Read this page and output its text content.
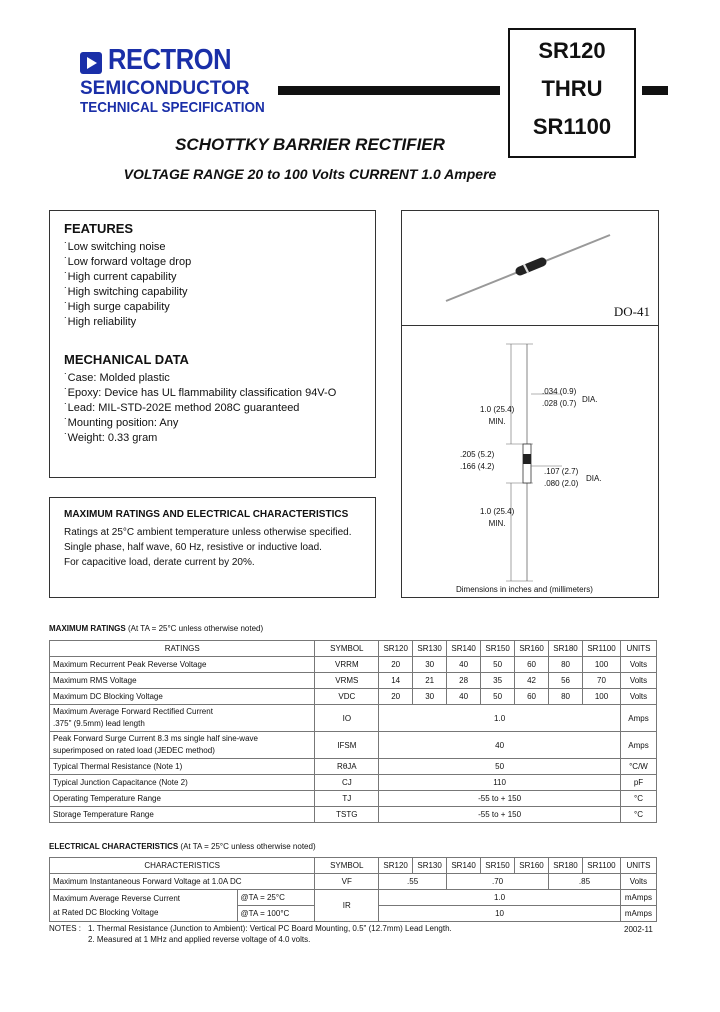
RECTRON
SEMICONDUCTOR
TECHNICAL SPECIFICATION
SR120
THRU
SR1100
SCHOTTKY BARRIER RECTIFIER
VOLTAGE RANGE 20 to 100 Volts CURRENT 1.0 Ampere
FEATURES
˙ Low switching noise
˙ Low forward voltage drop
˙ High current capability
˙ High switching capability
˙ High surge capability
˙ High reliability
MECHANICAL DATA
˙ Case: Molded plastic
˙ Epoxy: Device has UL flammability classification 94V-O
˙ Lead: MIL-STD-202E method 208C guaranteed
˙ Mounting position: Any
˙ Weight: 0.33 gram
MAXIMUM RATINGS AND ELECTRICAL CHARACTERISTICS
Ratings at 25°C ambient temperature unless otherwise specified.
Single phase, half wave, 60 Hz, resistive or inductive load.
For capacitive load, derate current by 20%.
DO-41
.034 (0.9)
.028 (0.7) DIA.
1.0 (25.4)
MIN.
.205 (5.2)
.166 (4.2)
.107 (2.7)
.080 (2.0)
DIA.
1.0 (25.4)
MIN.
Dimensions in inches and (millimeters)
MAXIMUM RATINGS (At TA = 25°C unless otherwise noted)
RATINGS	SYMBOL	SR120	SR130	SR140	SR150	SR160	SR180	SR1100	UNITS
Maximum Recurrent Peak Reverse Voltage	VRRM	20	30	40	50	60	80	100	Volts
Maximum RMS Voltage	VRMS	14	21	28	35	42	56	70	Volts
Maximum DC Blocking Voltage	VDC	20	30	40	50	60	80	100	Volts

Maximum Average Forward Rectified Current
.375" (9.5mm) lead length	IO	1.0							Amps

Peak Forward Surge Current 8.3 ms single half sine-wave
superimposed on rated load (JEDEC method)	IFSM	40							Amps
Typical Thermal Resistance (Note 1)	RθJA	50							°C/W
Typical Junction Capacitance (Note 2)	CJ	110							pF
Operating Temperature Range	TJ	-55 to + 150							°C
Storage Temperature Range	TSTG	-55 to + 150							°C
ELECTRICAL CHARACTERISTICS (At TA = 25°C unless otherwise noted)
CHARACTERISTICS		SYMBOL	SR120	SR130	SR140	SR150	SR160	SR180	SR1100	UNITS
Maximum Instantaneous Forward Voltage at 1.0A DC		VF	.55		.70			.85		Volts

Maximum Average Reverse Current
at Rated DC Blocking Voltage	@TA = 25°C	IR	1.0							mAmps
	@TA = 100°C		10							mAmps
NOTES : 1. Thermal Resistance (Junction to Ambient): Vertical PC Board Mounting, 0.5" (12.7mm) Lead Length.
2. Measured at 1 MHz and applied reverse voltage of 4.0 volts.
2002-11
